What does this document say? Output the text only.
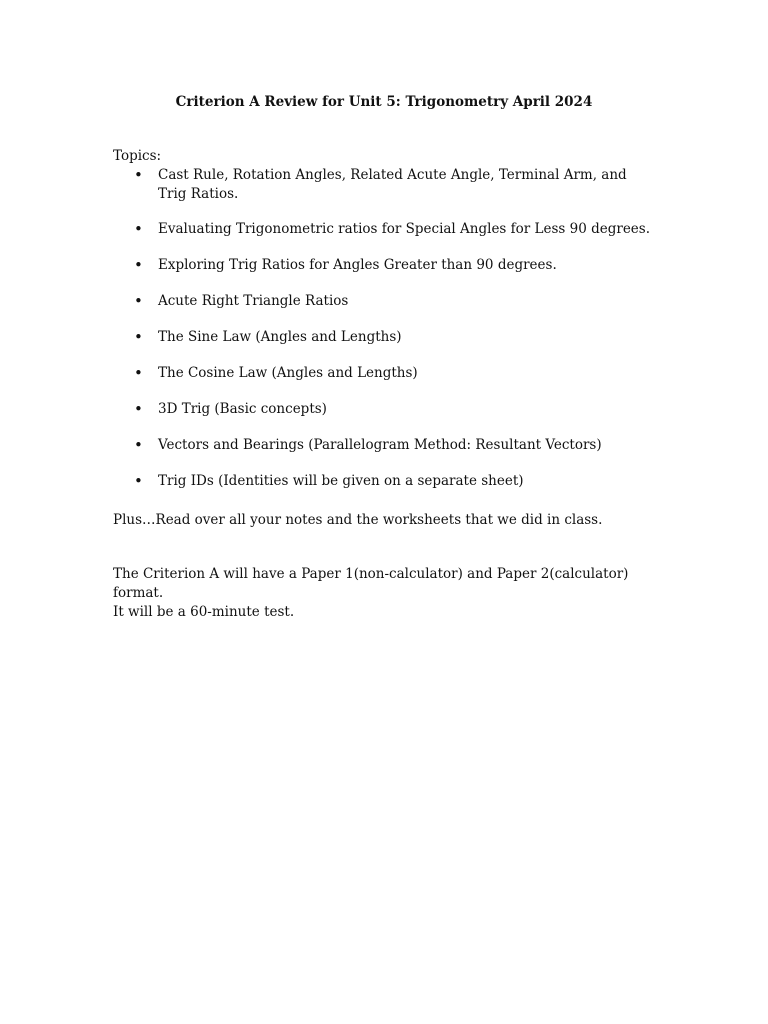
Criterion A Review for Unit 5: Trigonometry April 2024
Topics:
• Cast Rule, Rotation Angles, Related Acute Angle, Terminal Arm, and Trig Ratios.
• Evaluating Trigonometric ratios for Special Angles for Less 90 degrees.
• Exploring Trig Ratios for Angles Greater than 90 degrees.
• Acute Right Triangle Ratios
• The Sine Law (Angles and Lengths)
• The Cosine Law (Angles and Lengths)
• 3D Trig (Basic concepts)
• Vectors and Bearings (Parallelogram Method: Resultant Vectors)
• Trig IDs (Identities will be given on a separate sheet)
Plus…Read over all your notes and the worksheets that we did in class.
The Criterion A will have a Paper 1(non-calculator) and Paper 2(calculator) format.
It will be a 60-minute test.
